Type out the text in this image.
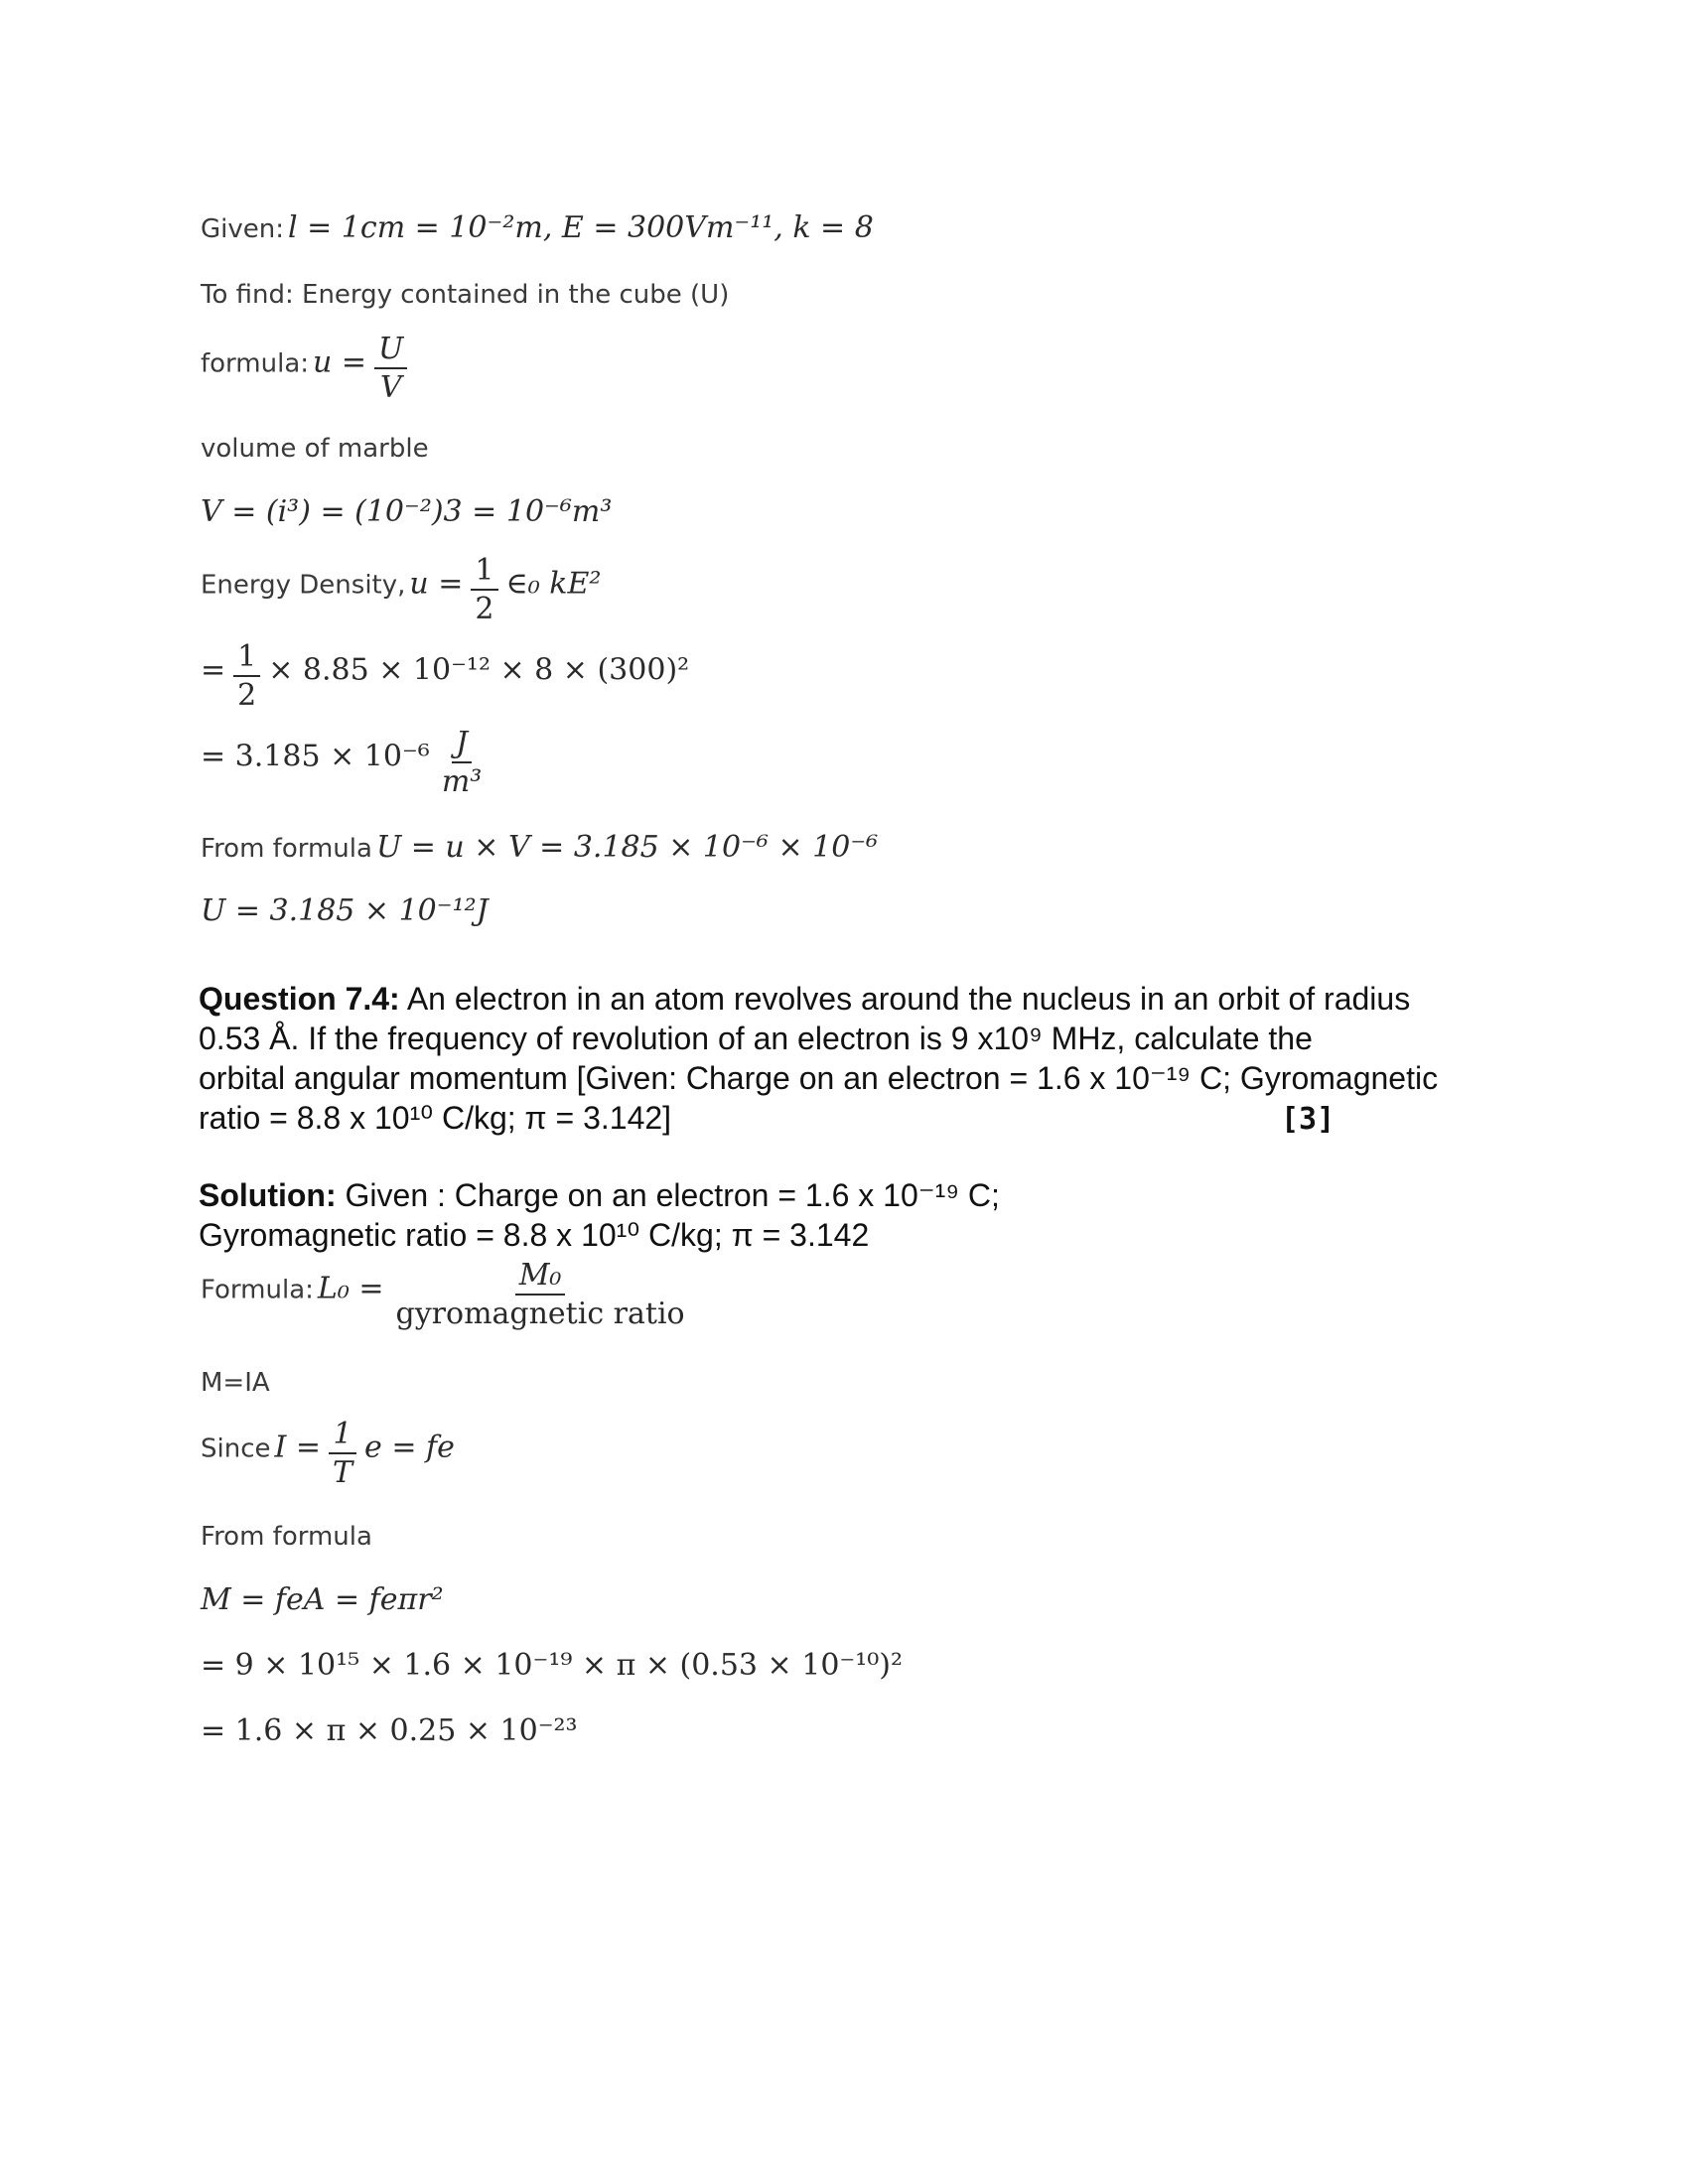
Given: l = 1cm = 10⁻²m, E = 300Vm⁻¹¹, k = 8
To find: Energy contained in the cube (U)
formula: $u = \frac{U}{V}$
volume of marble
V = (i³) = (10⁻²)3 = 10⁻⁶m³
Energy Density, $u = \frac{1}{2}$ ∈₀ kE²
= $\frac{1}{2} \times 8.85 \times 10^{-12} \times 8 \times (300)^2$
= $3.185 \times 10^{-6} \frac{J}{\text{m³}}$
From formula U = u × V = 3.185 × 10⁻⁶ × 10⁻⁶
U = 3.185 × 10⁻¹²J
Question 7.4: An electron in an atom revolves around the nucleus in an orbit of radius
0.53 Å. If the frequency of revolution of an electron is 9 x10⁹ MHz, calculate the
orbital angular momentum [Given: Charge on an electron = 1.6 x 10⁻¹⁹ C; Gyromagnetic
ratio = 8.8 x 10¹⁰ C/kg; π = 3.142]	[3]
Solution: Given : Charge on an electron = 1.6 x 10⁻¹⁹ C;
Gyromagnetic ratio = 8.8 x 10¹⁰ C/kg; π = 3.142
Formula: $L_0 = \frac{\text{M₀}}{\text{gyromagnetic ratio}}$
M=IA
Since $I = \frac{1}{T}$ e = fe
From formula
M = feA = feπr²
= 9 × 10¹⁵ × 1.6 × 10⁻¹⁹ × π × (0.53 × 10⁻¹⁰)²
= 1.6 × π × 0.25 × 10⁻²³
